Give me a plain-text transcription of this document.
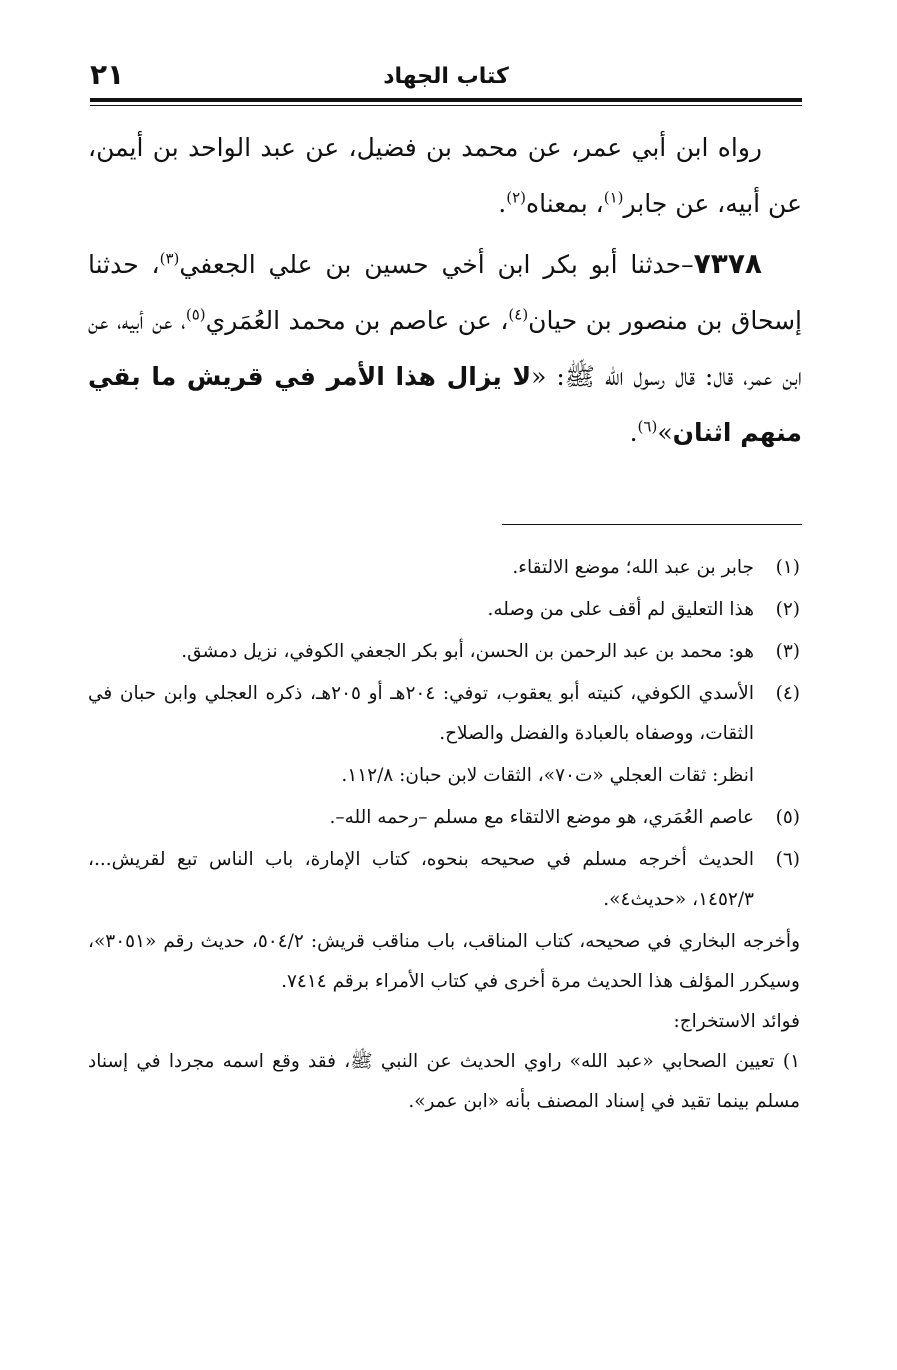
كتاب الجهاد
٢١

رواه ابن أبي عمر، عن محمد بن فضيل، عن عبد الواحد بن أيمن، عن أبيه، عن جابر$^{(١)}$، بمعناه$^{(٢)}$.

٧٣٧٨–حدثنا أبو بكر ابن أخي حسين بن علي الجعفي$^{(٣)}$، حدثنا إسحاق بن منصور بن حيان$^{(٤)}$، عن عاصم بن محمد العُمَري$^{(٥)}$، عن أبيه، عن ابن عمر، قال: قال رسول الله ﷺ: «لا يزال هذا الأمر في قريش ما بقي منهم اثنان»$^{(٦)}$.

(١)
جابر بن عبد الله؛ موضع الالتقاء.
(٢)
هذا التعليق لم أقف على من وصله.
(٣)
هو: محمد بن عبد الرحمن بن الحسن، أبو بكر الجعفي الكوفي، نزيل دمشق.
(٤)
الأسدي الكوفي، كنيته أبو يعقوب، توفي: ٢٠٤هـ أو ٢٠٥هـ، ذكره العجلي وابن حبان في الثقات، ووصفاه بالعبادة والفضل والصلاح.
انظر: ثقات العجلي «ت٧٠»، الثقات لابن حبان: ١١٢/٨.
(٥)
عاصم العُمَري، هو موضع الالتقاء مع مسلم –رحمه الله–.
(٦)
الحديث أخرجه مسلم في صحيحه بنحوه، كتاب الإمارة، باب الناس تبع لقريش...، ١٤٥٢/٣، «حديث٤».

وأخرجه البخاري في صحيحه، كتاب المناقب، باب مناقب قريش: ٥٠٤/٢، حديث رقم «٣٠٥١»، وسيكرر المؤلف هذا الحديث مرة أخرى في كتاب الأمراء برقم ٧٤١٤.

فوائد الاستخراج:

١) تعيين الصحابي «عبد الله» راوي الحديث عن النبي ﷺ، فقد وقع اسمه مجردا في إسناد مسلم بينما تقيد في إسناد المصنف بأنه «ابن عمر».
